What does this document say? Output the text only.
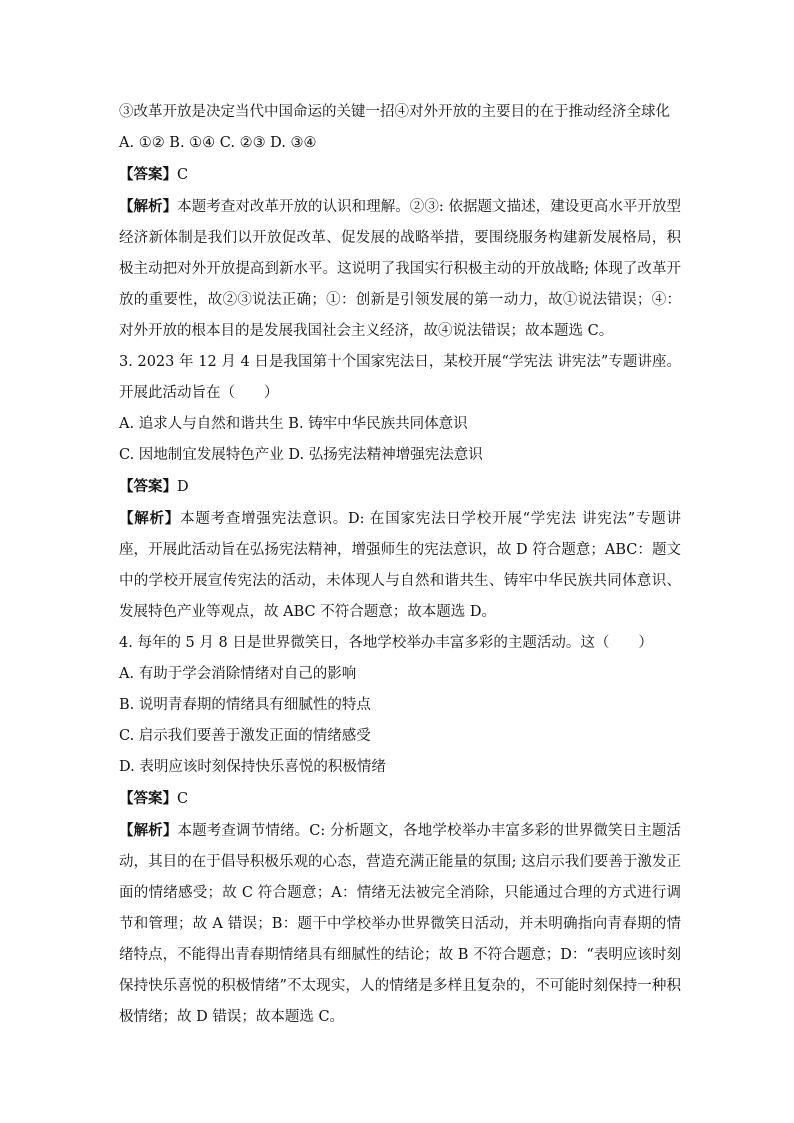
③改革开放是决定当代中国命运的关键一招④对外开放的主要目的在于推动经济全球化
A. ①② B. ①④ C. ②③ D. ③④
【答案】C
【解析】本题考查对改革开放的认识和理解。②③: 依据题文描述，建设更高水平开放型经济新体制是我们以开放促改革、促发展的战略举措，要围绕服务构建新发展格局，积极主动把对外开放提高到新水平。这说明了我国实行积极主动的开放战略; 体现了改革开放的重要性，故②③说法正确；①：创新是引领发展的第一动力，故①说法错误；④：对外开放的根本目的是发展我国社会主义经济，故④说法错误；故本题选 C。
3. 2023 年 12 月 4 日是我国第十个国家宪法日，某校开展“学宪法 讲宪法”专题讲座。开展此活动旨在（　　）
A. 追求人与自然和谐共生 B. 铸牢中华民族共同体意识
C. 因地制宜发展特色产业 D. 弘扬宪法精神增强宪法意识
【答案】D
【解析】本题考查增强宪法意识。D: 在国家宪法日学校开展“学宪法 讲宪法”专题讲座，开展此活动旨在弘扬宪法精神，增强师生的宪法意识，故 D 符合题意；ABC：题文中的学校开展宣传宪法的活动，未体现人与自然和谐共生、铸牢中华民族共同体意识、发展特色产业等观点，故 ABC 不符合题意；故本题选 D。
4. 每年的 5 月 8 日是世界微笑日，各地学校举办丰富多彩的主题活动。这（　　）
A. 有助于学会消除情绪对自己的影响
B. 说明青春期的情绪具有细腻性的特点
C. 启示我们要善于激发正面的情绪感受
D. 表明应该时刻保持快乐喜悦的积极情绪
【答案】C
【解析】本题考查调节情绪。C: 分析题文，各地学校举办丰富多彩的世界微笑日主题活动，其目的在于倡导积极乐观的心态，营造充满正能量的氛围; 这启示我们要善于激发正面的情绪感受；故 C 符合题意；A：情绪无法被完全消除，只能通过合理的方式进行调节和管理；故 A 错误；B：题干中学校举办世界微笑日活动，并未明确指向青春期的情绪特点，不能得出青春期情绪具有细腻性的结论；故 B 不符合题意；D：“表明应该时刻保持快乐喜悦的积极情绪”不太现实，人的情绪是多样且复杂的，不可能时刻保持一种积极情绪；故 D 错误；故本题选 C。
